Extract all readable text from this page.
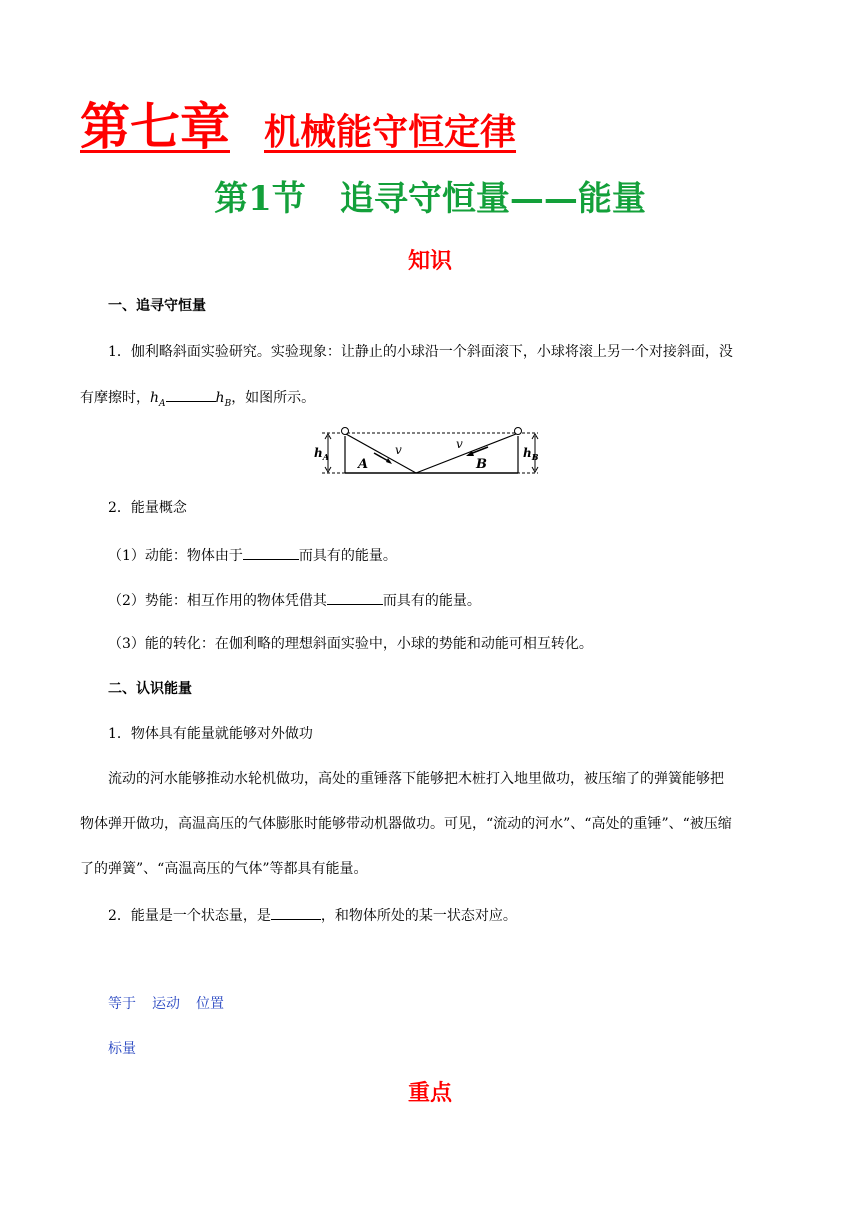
第七章 机械能守恒定律
第1节　追寻守恒量——能量
知识
一、追寻守恒量
1．伽利略斜面实验研究。实验现象：让静止的小球沿一个斜面滚下，小球将滚上另一个对接斜面，没
有摩擦时，$h_A$	$h_B$，如图所示。
$h_A$ A
v	v
B
$h_B$
2．能量概念
（1）动能：物体由于	而具有的能量。
（2）势能：相互作用的物体凭借其	而具有的能量。
（3）能的转化：在伽利略的理想斜面实验中，小球的势能和动能可相互转化。
二、认识能量
1．物体具有能量就能够对外做功
流动的河水能够推动水轮机做功，高处的重锤落下能够把木桩打入地里做功，被压缩了的弹簧能够把
物体弹开做功，高温高压的气体膨胀时能够带动机器做功。可见，“流动的河水”、“高处的重锤”、“被压缩
了的弹簧”、“高温高压的气体”等都具有能量。
2．能量是一个状态量，是	，和物体所处的某一状态对应。
等于 运动 位置
标量
重点
